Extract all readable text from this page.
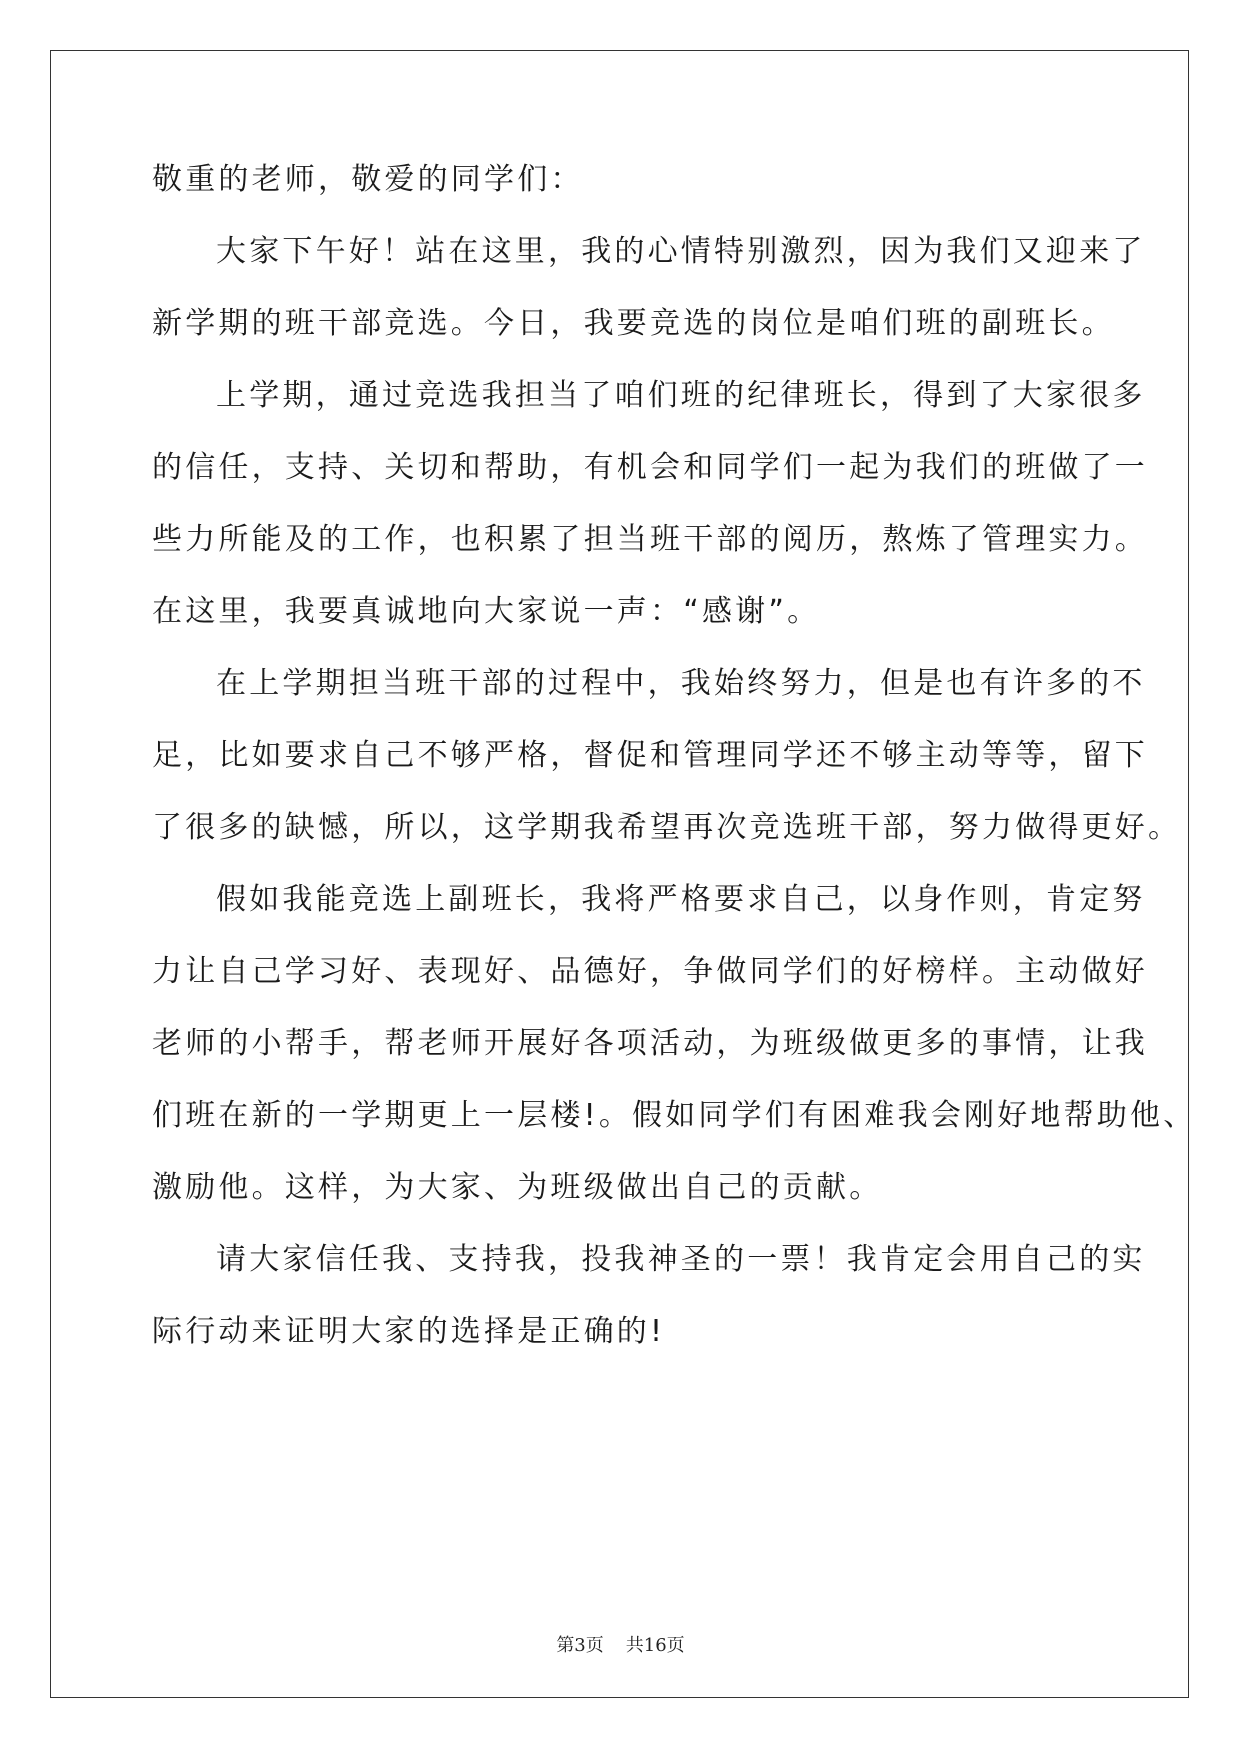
敬重的老师，敬爱的同学们：
大家下午好！站在这里，我的心情特别激烈，因为我们又迎来了
新学期的班干部竞选。今日，我要竞选的岗位是咱们班的副班长。
上学期，通过竞选我担当了咱们班的纪律班长，得到了大家很多
的信任，支持、关切和帮助，有机会和同学们一起为我们的班做了一
些力所能及的工作，也积累了担当班干部的阅历，熬炼了管理实力。
在这里，我要真诚地向大家说一声：“感谢”。
在上学期担当班干部的过程中，我始终努力，但是也有许多的不
足，比如要求自己不够严格，督促和管理同学还不够主动等等，留下
了很多的缺憾，所以，这学期我希望再次竞选班干部，努力做得更好。
假如我能竞选上副班长，我将严格要求自己，以身作则，肯定努
力让自己学习好、表现好、品德好，争做同学们的好榜样。主动做好
老师的小帮手，帮老师开展好各项活动，为班级做更多的事情，让我
们班在新的一学期更上一层楼!。假如同学们有困难我会刚好地帮助他、
激励他。这样，为大家、为班级做出自己的贡献。
请大家信任我、支持我，投我神圣的一票！我肯定会用自己的实
际行动来证明大家的选择是正确的!
第3页 共16页
